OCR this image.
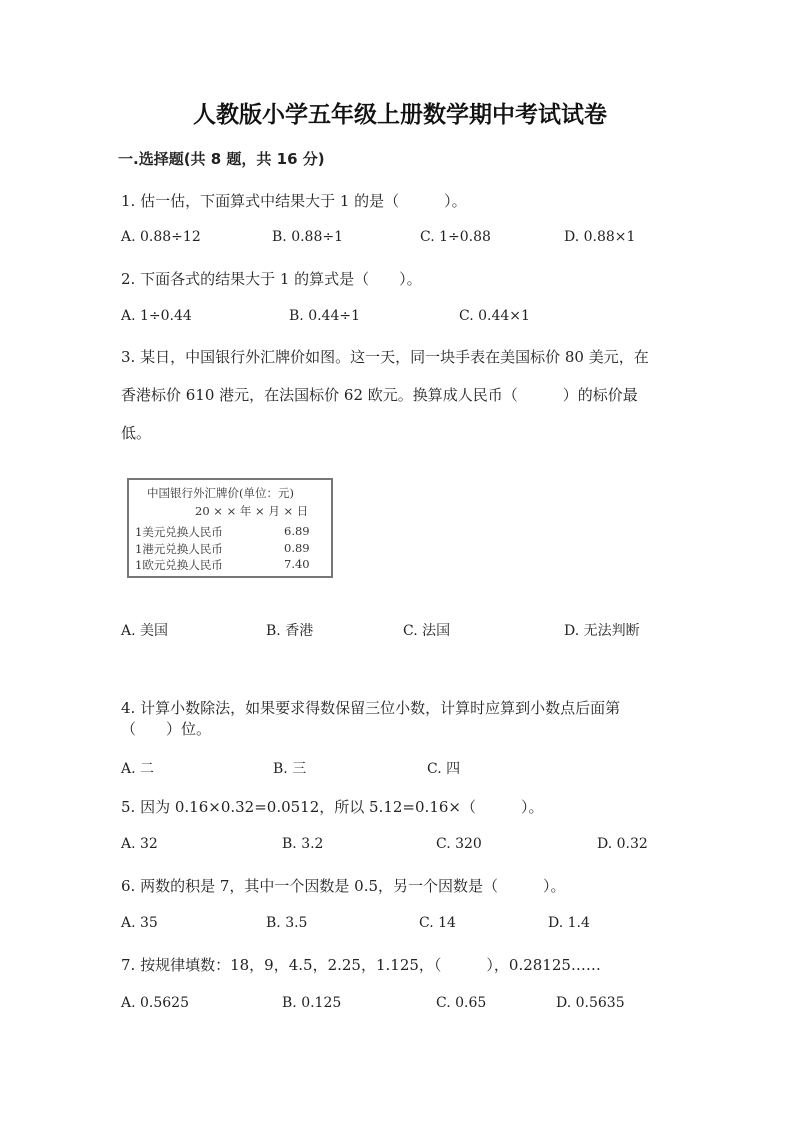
人教版小学五年级上册数学期中考试试卷
一.选择题(共 8 题，共 16 分)
1. 估一估，下面算式中结果大于 1 的是（　　　）。
A. 0.88÷12	B. 0.88÷1	C. 1÷0.88	D. 0.88×1
2. 下面各式的结果大于 1 的算式是（　　）。
A. 1÷0.44	B. 0.44÷1	C. 0.44×1
3. 某日，中国银行外汇牌价如图。这一天，同一块手表在美国标价 80 美元，在
香港标价 610 港元，在法国标价 62 欧元。换算成人民币（　　　）的标价最
低。
中国银行外汇牌价(单位：元)
20 × × 年 × 月 × 日
1美元兑换人民币	6.89
1港元兑换人民币	0.89
1欧元兑换人民币	7.40
A. 美国	B. 香港	C. 法国	D. 无法判断
4. 计算小数除法，如果要求得数保留三位小数，计算时应算到小数点后面第
（　　）位。
A. 二	B. 三	C. 四
5. 因为 0.16×0.32=0.0512，所以 5.12=0.16×（　　　）。
A. 32	B. 3.2	C. 320	D. 0.32
6. 两数的积是 7，其中一个因数是 0.5，另一个因数是（　　　）。
A. 35	B. 3.5	C. 14	D. 1.4
7. 按规律填数：18，9，4.5，2.25，1.125，（　　　），0.28125……
A. 0.5625	B. 0.125	C. 0.65	D. 0.5635
